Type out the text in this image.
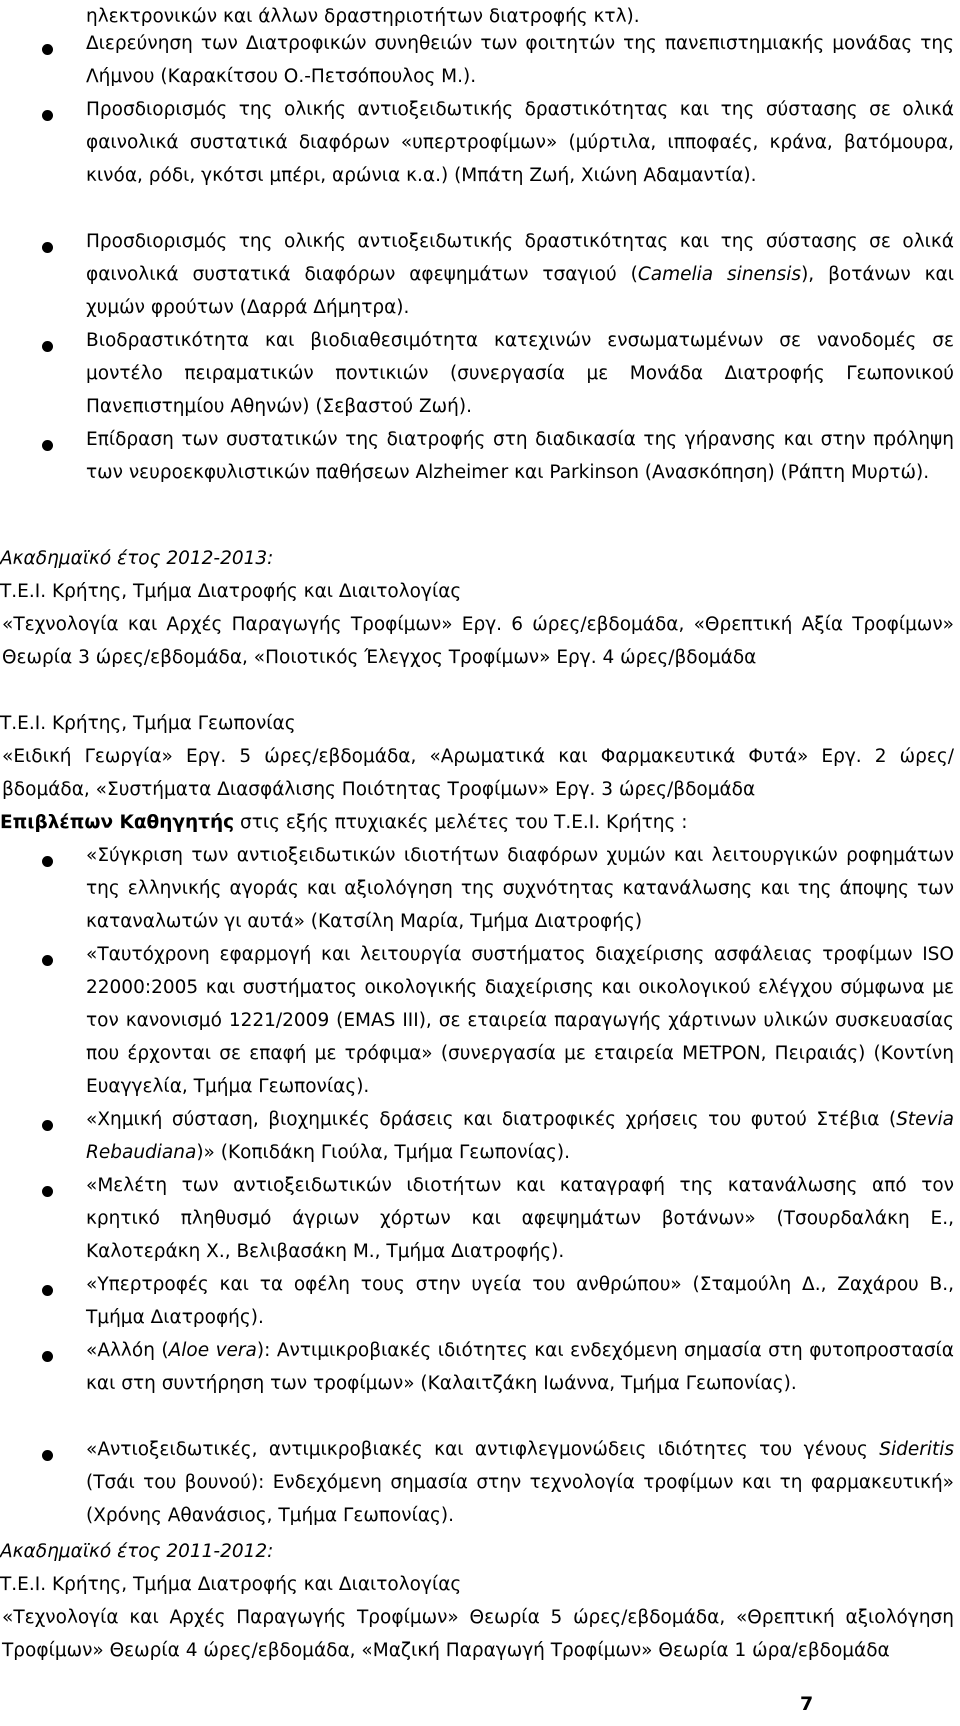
ηλεκτρονικών και άλλων δραστηριοτήτων διατροφής κτλ).

Διερεύνηση των Διατροφικών συνηθειών των φοιτητών της πανεπιστημιακής μονάδας της Λήμνου (Καρακίτσου Ο.-Πετσόπουλος Μ.).

Προσδιορισμός της ολικής αντιοξειδωτικής δραστικότητας και της σύστασης σε ολικά φαινολικά συστατικά διαφόρων «υπερτροφίμων» (μύρτιλα, ιπποφαές, κράνα, βατόμουρα, κινόα, ρόδι, γκότσι μπέρι, αρώνια κ.α.) (Μπάτη Ζωή, Χιώνη Αδαμαντία).

Προσδιορισμός της ολικής αντιοξειδωτικής δραστικότητας και της σύστασης σε ολικά φαινολικά συστατικά διαφόρων αφεψημάτων τσαγιού (Camelia sinensis), βοτάνων και χυμών φρούτων (Δαρρά Δήμητρα).

Βιοδραστικότητα και βιοδιαθεσιμότητα κατεχινών ενσωματωμένων σε νανοδομές σε μοντέλο πειραματικών ποντικιών (συνεργασία με Μονάδα Διατροφής Γεωπονικού Πανεπιστημίου Αθηνών) (Σεβαστού Ζωή).

Επίδραση των συστατικών της διατροφής στη διαδικασία της γήρανσης και στην πρόληψη των νευροεκφυλιστικών παθήσεων Alzheimer και Parkinson (Ανασκόπηση) (Ράπτη Μυρτώ).

Ακαδημαϊκό έτος 2012-2013:
Τ.Ε.Ι. Κρήτης, Τμήμα Διατροφής και Διαιτολογίας

«Τεχνολογία και Αρχές Παραγωγής Τροφίμων» Εργ. 6 ώρες/εβδομάδα, «Θρεπτική Αξία Τροφίμων» Θεωρία 3 ώρες/εβδομάδα, «Ποιοτικός Έλεγχος Τροφίμων» Εργ. 4 ώρες/βδομάδα

Τ.Ε.Ι. Κρήτης, Τμήμα Γεωπονίας

«Ειδική Γεωργία» Εργ. 5 ώρες/εβδομάδα, «Αρωματικά και Φαρμακευτικά Φυτά» Εργ. 2 ώρες/βδομάδα, «Συστήματα Διασφάλισης Ποιότητας Τροφίμων» Εργ. 3 ώρες/βδομάδα

Επιβλέπων Καθηγητής στις εξής πτυχιακές μελέτες του Τ.Ε.Ι. Κρήτης :

«Σύγκριση των αντιοξειδωτικών ιδιοτήτων διαφόρων χυμών και λειτουργικών ροφημάτων της ελληνικής αγοράς και αξιολόγηση της συχνότητας κατανάλωσης και της άποψης των καταναλωτών γι αυτά» (Κατσίλη Μαρία, Τμήμα Διατροφής)

«Ταυτόχρονη εφαρμογή και λειτουργία συστήματος διαχείρισης ασφάλειας τροφίμων ISO 22000:2005 και συστήματος οικολογικής διαχείρισης και οικολογικού ελέγχου σύμφωνα με τον κανονισμό 1221/2009 (EMAS III), σε εταιρεία παραγωγής χάρτινων υλικών συσκευασίας που έρχονται σε επαφή με τρόφιμα» (συνεργασία με εταιρεία ΜΕΤΡΟΝ, Πειραιάς) (Κοντίνη Ευαγγελία, Τμήμα Γεωπονίας).

«Χημική σύσταση, βιοχημικές δράσεις και διατροφικές χρήσεις του φυτού Στέβια (Stevia Rebaudiana)» (Κοπιδάκη Γιούλα, Τμήμα Γεωπονίας).

«Μελέτη των αντιοξειδωτικών ιδιοτήτων και καταγραφή της κατανάλωσης από τον κρητικό πληθυσμό άγριων χόρτων και αφεψημάτων βοτάνων» (Τσουρδαλάκη Ε., Καλοτεράκη Χ., Βελιβασάκη Μ., Τμήμα Διατροφής).

«Υπερτροφές και τα οφέλη τους στην υγεία του ανθρώπου» (Σταμούλη Δ., Ζαχάρου Β., Τμήμα Διατροφής).

«Αλλόη (Aloe vera): Αντιμικροβιακές ιδιότητες και ενδεχόμενη σημασία στη φυτοπροστασία και στη συντήρηση των τροφίμων» (Καλαιτζάκη Ιωάννα, Τμήμα Γεωπονίας).

«Αντιοξειδωτικές, αντιμικροβιακές και αντιφλεγμονώδεις ιδιότητες του γένους Sideritis (Τσάι του βουνού): Ενδεχόμενη σημασία στην τεχνολογία τροφίμων και τη φαρμακευτική» (Χρόνης Αθανάσιος, Τμήμα Γεωπονίας).

Ακαδημαϊκό έτος 2011-2012:
Τ.Ε.Ι. Κρήτης, Τμήμα Διατροφής και Διαιτολογίας

«Τεχνολογία και Αρχές Παραγωγής Τροφίμων» Θεωρία 5 ώρες/εβδομάδα, «Θρεπτική αξιολόγηση Τροφίμων» Θεωρία 4 ώρες/εβδομάδα, «Μαζική Παραγωγή Τροφίμων» Θεωρία 1 ώρα/εβδομάδα

7
